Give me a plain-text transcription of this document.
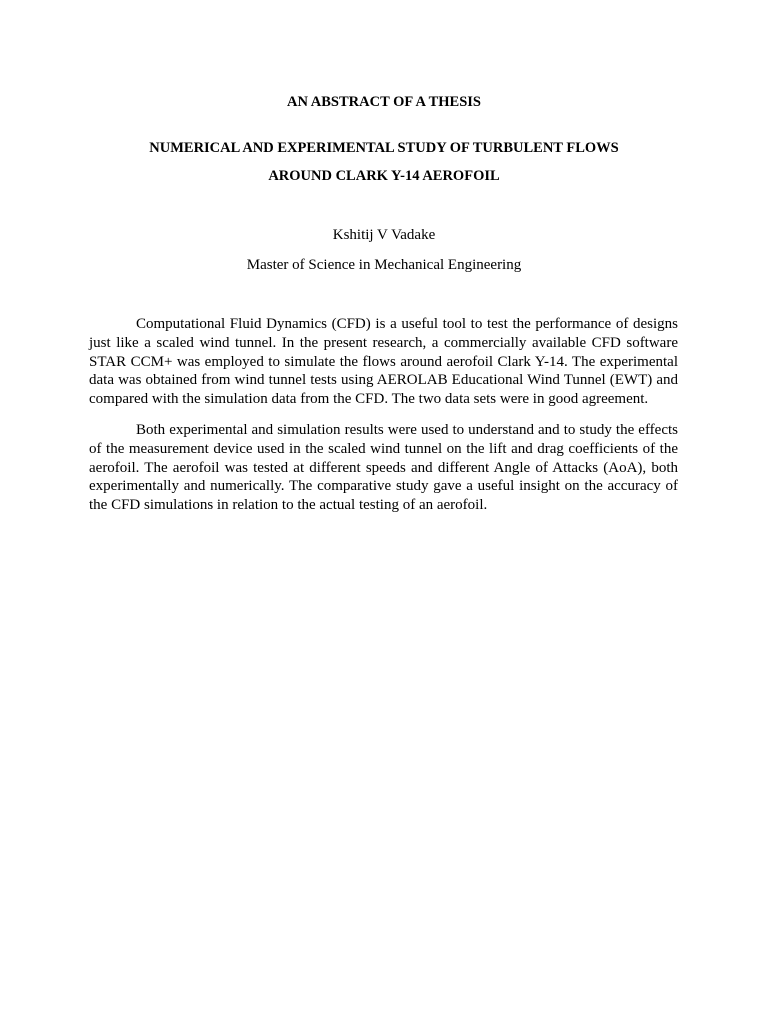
AN ABSTRACT OF A THESIS
NUMERICAL AND EXPERIMENTAL STUDY OF TURBULENT FLOWS
AROUND CLARK Y-14 AEROFOIL
Kshitij V Vadake
Master of Science in Mechanical Engineering

Computational Fluid Dynamics (CFD) is a useful tool to test the performance of designs just like a scaled wind tunnel. In the present research, a commercially available CFD software STAR CCM+ was employed to simulate the flows around aerofoil Clark Y-14. The experimental data was obtained from wind tunnel tests using AEROLAB Educational Wind Tunnel (EWT) and compared with the simulation data from the CFD. The two data sets were in good agreement.

Both experimental and simulation results were used to understand and to study the effects of the measurement device used in the scaled wind tunnel on the lift and drag coefficients of the aerofoil. The aerofoil was tested at different speeds and different Angle of Attacks (AoA), both experimentally and numerically. The comparative study gave a useful insight on the accuracy of the CFD simulations in relation to the actual testing of an aerofoil.
